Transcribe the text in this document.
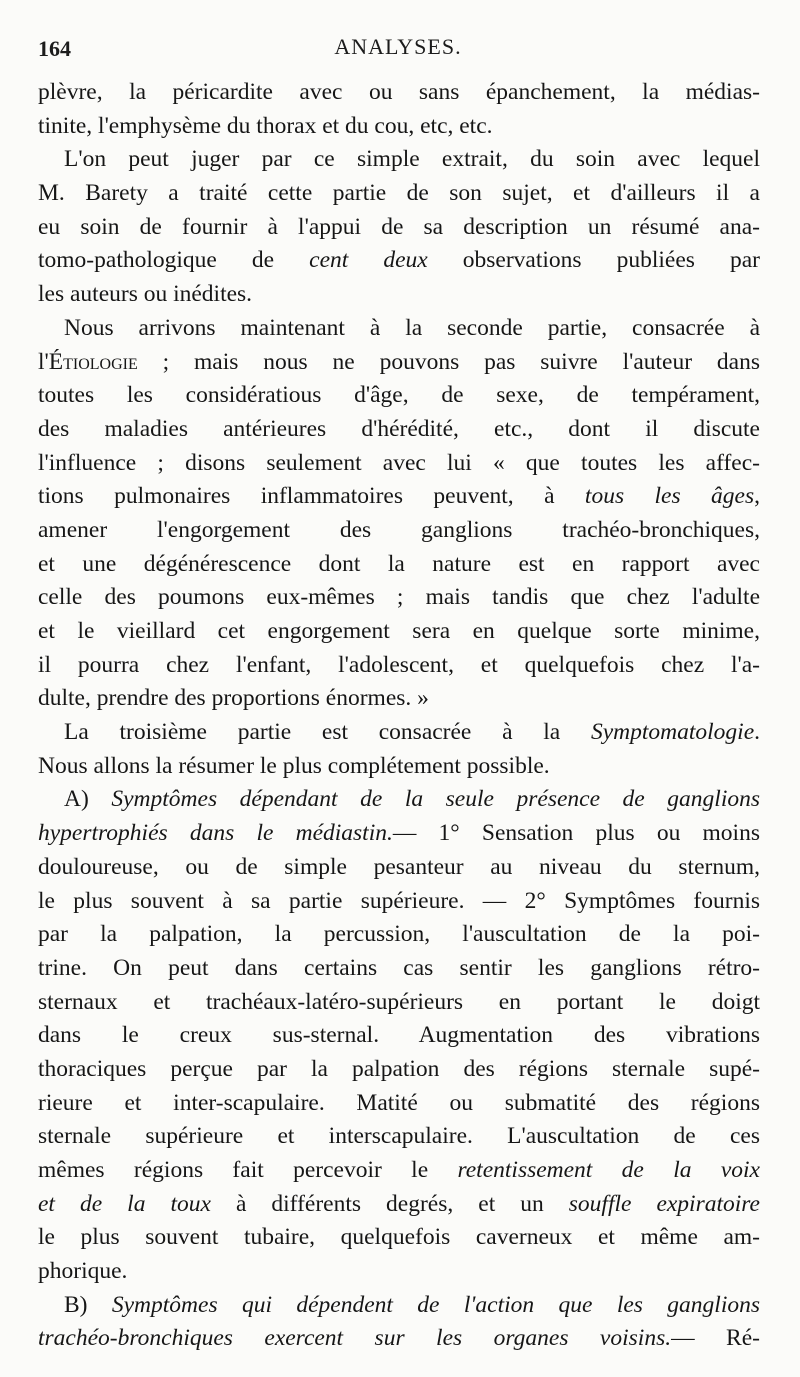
164	ANALYSES.
plèvre, la péricardite avec ou sans épanchement, la médias-
tinite, l'emphysème du thorax et du cou, etc, etc.
L'on peut juger par ce simple extrait, du soin avec lequel
M. Barety a traité cette partie de son sujet, et d'ailleurs il a
eu soin de fournir à l'appui de sa description un résumé ana-
tomo-pathologique de cent deux observations publiées par
les auteurs ou inédites.
Nous arrivons maintenant à la seconde partie, consacrée à
l'Étiologie ; mais nous ne pouvons pas suivre l'auteur dans
toutes les considératious d'âge, de sexe, de tempérament,
des maladies antérieures d'hérédité, etc., dont il discute
l'influence ; disons seulement avec lui « que toutes les affec-
tions pulmonaires inflammatoires peuvent, à tous les âges,
amener l'engorgement des ganglions trachéo-bronchiques,
et une dégénérescence dont la nature est en rapport avec
celle des poumons eux-mêmes ; mais tandis que chez l'adulte
et le vieillard cet engorgement sera en quelque sorte minime,
il pourra chez l'enfant, l'adolescent, et quelquefois chez l'a-
dulte, prendre des proportions énormes. »
La troisième partie est consacrée à la Symptomatologie.
Nous allons la résumer le plus complétement possible.
A) Symptômes dépendant de la seule présence de ganglions
hypertrophiés dans le médiastin.— 1° Sensation plus ou moins
douloureuse, ou de simple pesanteur au niveau du sternum,
le plus souvent à sa partie supérieure. — 2° Symptômes fournis
par la palpation, la percussion, l'auscultation de la poi-
trine. On peut dans certains cas sentir les ganglions rétro-
sternaux et trachéaux-latéro-supérieurs en portant le doigt
dans le creux sus-sternal. Augmentation des vibrations
thoraciques perçue par la palpation des régions sternale supé-
rieure et inter-scapulaire. Matité ou submatité des régions
sternale supérieure et interscapulaire. L'auscultation de ces
mêmes régions fait percevoir le retentissement de la voix
et de la toux à différents degrés, et un souffle expiratoire
le plus souvent tubaire, quelquefois caverneux et même am-
phorique.
B) Symptômes qui dépendent de l'action que les ganglions
trachéo-bronchiques exercent sur les organes voisins.— Ré-
